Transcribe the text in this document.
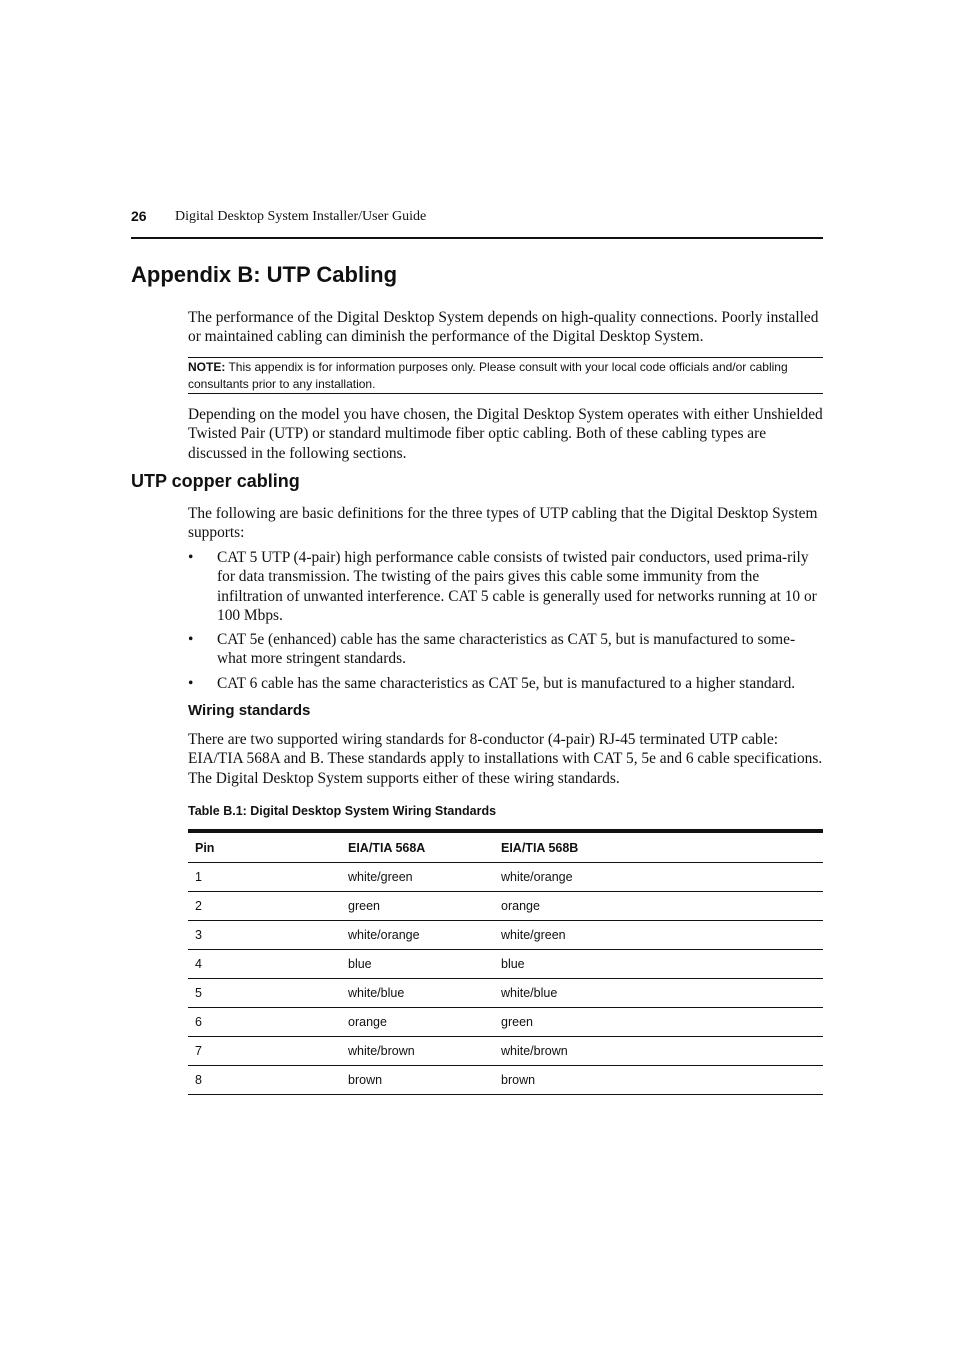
26 Digital Desktop System Installer/User Guide
Appendix B: UTP Cabling

The performance of the Digital Desktop System depends on high-quality connections. Poorly installed or maintained cabling can diminish the performance of the Digital Desktop System.

NOTE: This appendix is for information purposes only. Please consult with your local code officials and/or cabling consultants prior to any installation.

Depending on the model you have chosen, the Digital Desktop System operates with either Unshielded Twisted Pair (UTP) or standard multimode fiber optic cabling. Both of these cabling types are discussed in the following sections.

UTP copper cabling

The following are basic definitions for the three types of UTP cabling that the Digital Desktop System supports:

• CAT 5 UTP (4-pair) high performance cable consists of twisted pair conductors, used prima-rily for data transmission. The twisting of the pairs gives this cable some immunity from the infiltration of unwanted interference. CAT 5 cable is generally used for networks running at 10 or 100 Mbps.
• CAT 5e (enhanced) cable has the same characteristics as CAT 5, but is manufactured to some-what more stringent standards.
• CAT 6 cable has the same characteristics as CAT 5e, but is manufactured to a higher standard.
Wiring standards

There are two supported wiring standards for 8-conductor (4-pair) RJ-45 terminated UTP cable: EIA/TIA 568A and B. These standards apply to installations with CAT 5, 5e and 6 cable specifications. The Digital Desktop System supports either of these wiring standards.

Table B.1: Digital Desktop System Wiring Standards
Pin	EIA/TIA 568A	EIA/TIA 568B
1	white/green	white/orange
2	green	orange
3	white/orange	white/green
4	blue	blue
5	white/blue	white/blue
6	orange	green
7	white/brown	white/brown
8	brown	brown
